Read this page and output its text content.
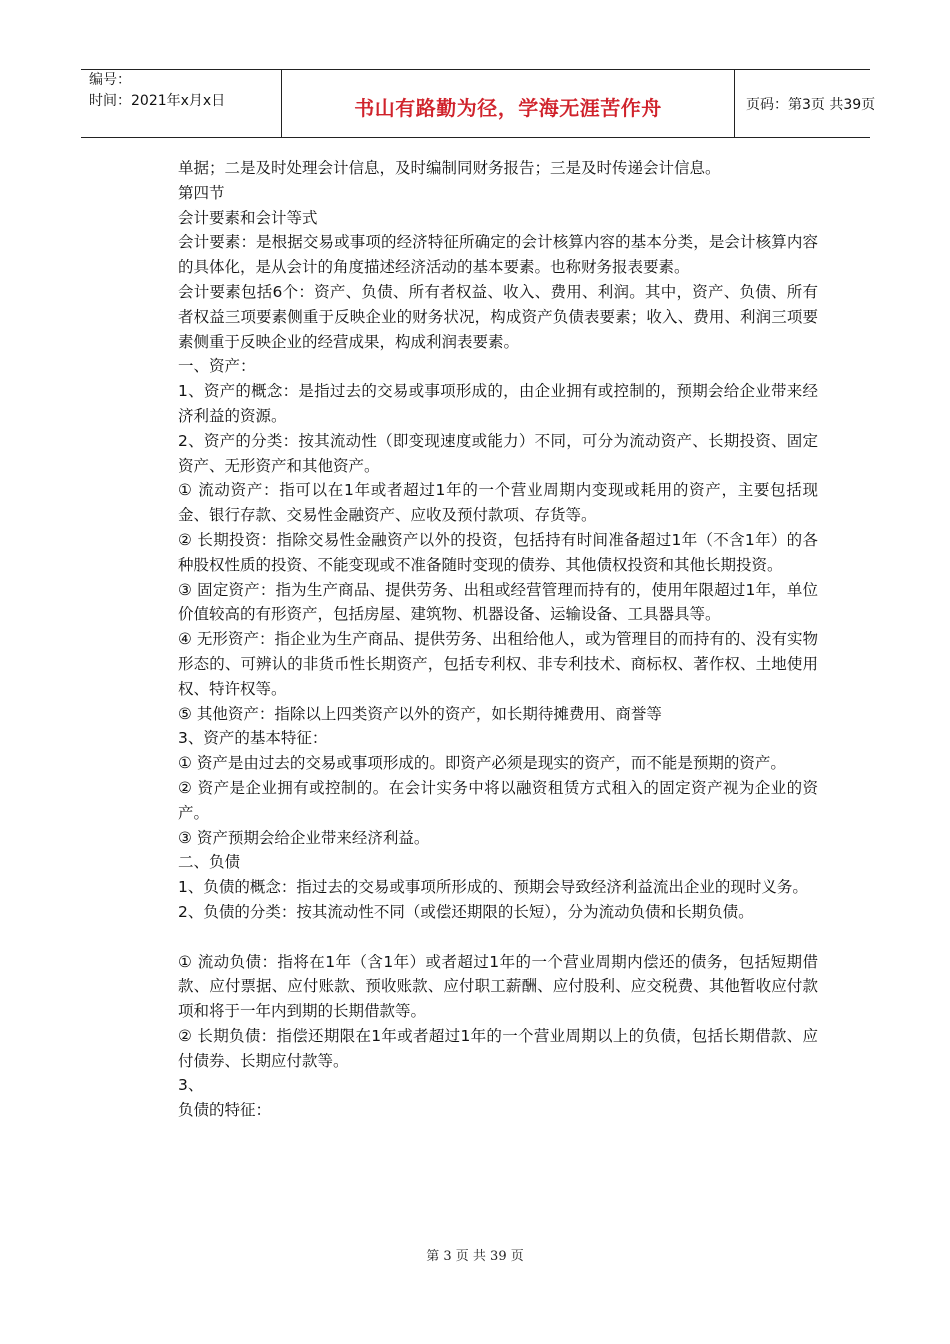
编号：
时间：2021年x月x日	书山有路勤为径，学海无涯苦作舟	页码：第3页 共39页

单据；二是及时处理会计信息，及时编制同财务报告；三是及时传递会计信息。

第四节

会计要素和会计等式

会计要素：是根据交易或事项的经济特征所确定的会计核算内容的基本分类，是会计核算内容的具体化，是从会计的角度描述经济活动的基本要素。也称财务报表要素。

会计要素包括6个：资产、负债、所有者权益、收入、费用、利润。其中，资产、负债、所有者权益三项要素侧重于反映企业的财务状况，构成资产负债表要素；收入、费用、利润三项要素侧重于反映企业的经营成果，构成利润表要素。

一、资产：

1、资产的概念：是指过去的交易或事项形成的，由企业拥有或控制的，预期会给企业带来经济利益的资源。

2、资产的分类：按其流动性（即变现速度或能力）不同，可分为流动资产、长期投资、固定资产、无形资产和其他资产。

① 流动资产：指可以在1年或者超过1年的一个营业周期内变现或耗用的资产，主要包括现金、银行存款、交易性金融资产、应收及预付款项、存货等。

② 长期投资：指除交易性金融资产以外的投资，包括持有时间准备超过1年（不含1年）的各种股权性质的投资、不能变现或不准备随时变现的债券、其他债权投资和其他长期投资。

③ 固定资产：指为生产商品、提供劳务、出租或经营管理而持有的，使用年限超过1年，单位价值较高的有形资产，包括房屋、建筑物、机器设备、运输设备、工具器具等。

④ 无形资产：指企业为生产商品、提供劳务、出租给他人，或为管理目的而持有的、没有实物形态的、可辨认的非货币性长期资产，包括专利权、非专利技术、商标权、著作权、土地使用权、特许权等。

⑤ 其他资产：指除以上四类资产以外的资产，如长期待摊费用、商誉等

3、资产的基本特征：

① 资产是由过去的交易或事项形成的。即资产必须是现实的资产，而不能是预期的资产。

② 资产是企业拥有或控制的。在会计实务中将以融资租赁方式租入的固定资产视为企业的资产。

③ 资产预期会给企业带来经济利益。

二、负债

1、负债的概念：指过去的交易或事项所形成的、预期会导致经济利益流出企业的现时义务。

2、负债的分类：按其流动性不同（或偿还期限的长短），分为流动负债和长期负债。

① 流动负债：指将在1年（含1年）或者超过1年的一个营业周期内偿还的债务，包括短期借款、应付票据、应付账款、预收账款、应付职工薪酬、应付股利、应交税费、其他暂收应付款项和将于一年内到期的长期借款等。

② 长期负债：指偿还期限在1年或者超过1年的一个营业周期以上的负债，包括长期借款、应付债券、长期应付款等。

3、

负债的特征：

第 3 页 共 39 页
